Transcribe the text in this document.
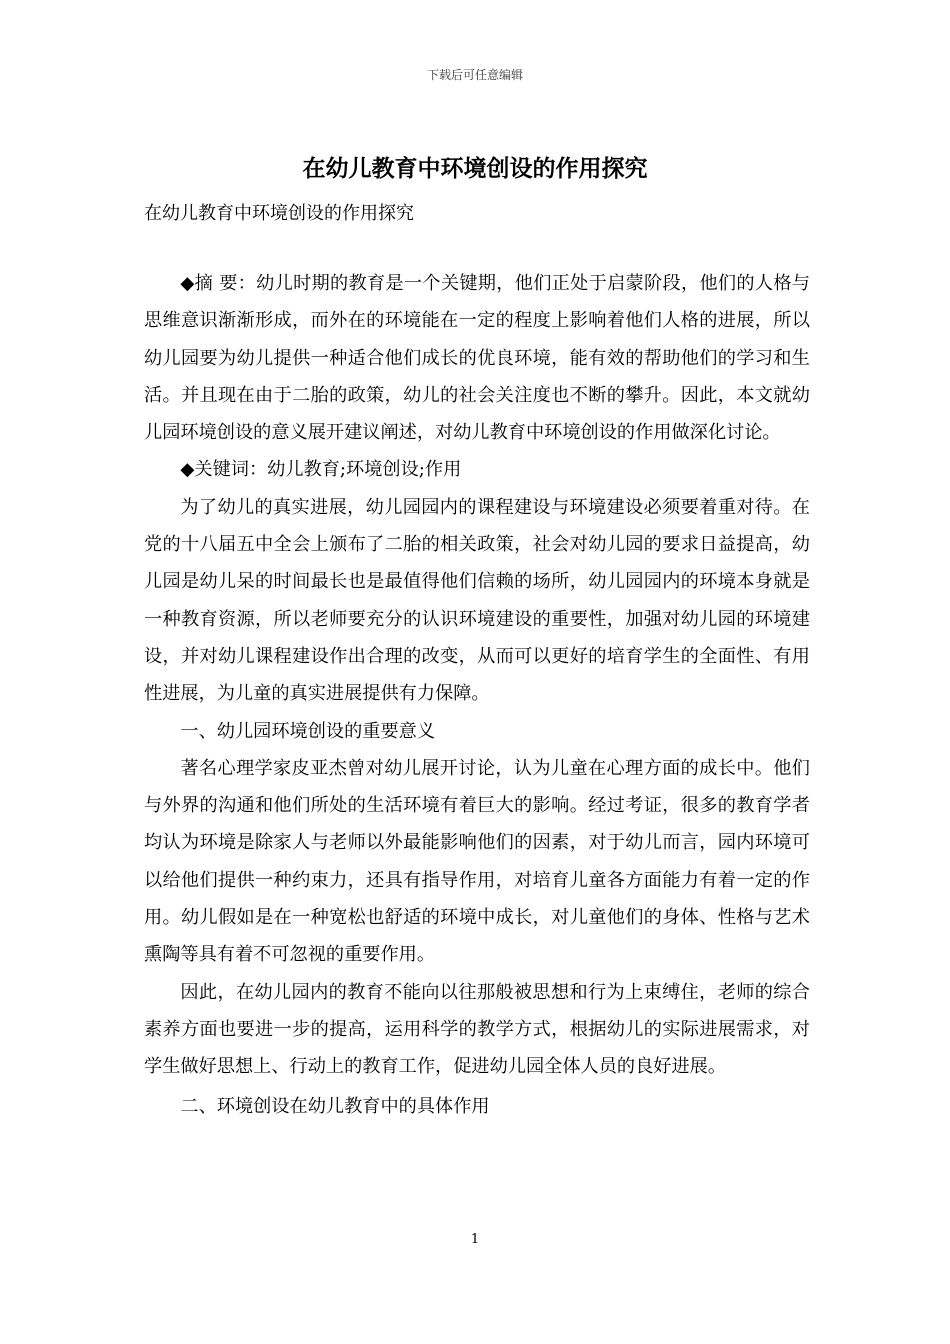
下载后可任意编辑
在幼儿教育中环境创设的作用探究

在幼儿教育中环境创设的作用探究

◆摘 要：幼儿时期的教育是一个关键期，他们正处于启蒙阶段，他们的人格与思维意识渐渐形成，而外在的环境能在一定的程度上影响着他们人格的进展，所以幼儿园要为幼儿提供一种适合他们成长的优良环境，能有效的帮助他们的学习和生活。并且现在由于二胎的政策，幼儿的社会关注度也不断的攀升。因此，本文就幼儿园环境创设的意义展开建议阐述，对幼儿教育中环境创设的作用做深化讨论。

◆关键词：幼儿教育;环境创设;作用

为了幼儿的真实进展，幼儿园园内的课程建设与环境建设必须要着重对待。在党的十八届五中全会上颁布了二胎的相关政策，社会对幼儿园的要求日益提高，幼儿园是幼儿呆的时间最长也是最值得他们信赖的场所，幼儿园园内的环境本身就是一种教育资源，所以老师要充分的认识环境建设的重要性，加强对幼儿园的环境建设，并对幼儿课程建设作出合理的改变，从而可以更好的培育学生的全面性、有用性进展，为儿童的真实进展提供有力保障。

一、幼儿园环境创设的重要意义

著名心理学家皮亚杰曾对幼儿展开讨论，认为儿童在心理方面的成长中。他们与外界的沟通和他们所处的生活环境有着巨大的影响。经过考证，很多的教育学者均认为环境是除家人与老师以外最能影响他们的因素，对于幼儿而言，园内环境可以给他们提供一种约束力，还具有指导作用，对培育儿童各方面能力有着一定的作用。幼儿假如是在一种宽松也舒适的环境中成长，对儿童他们的身体、性格与艺术熏陶等具有着不可忽视的重要作用。

因此，在幼儿园内的教育不能向以往那般被思想和行为上束缚住，老师的综合素养方面也要进一步的提高，运用科学的教学方式，根据幼儿的实际进展需求，对学生做好思想上、行动上的教育工作，促进幼儿园全体人员的良好进展。

二、环境创设在幼儿教育中的具体作用

1
